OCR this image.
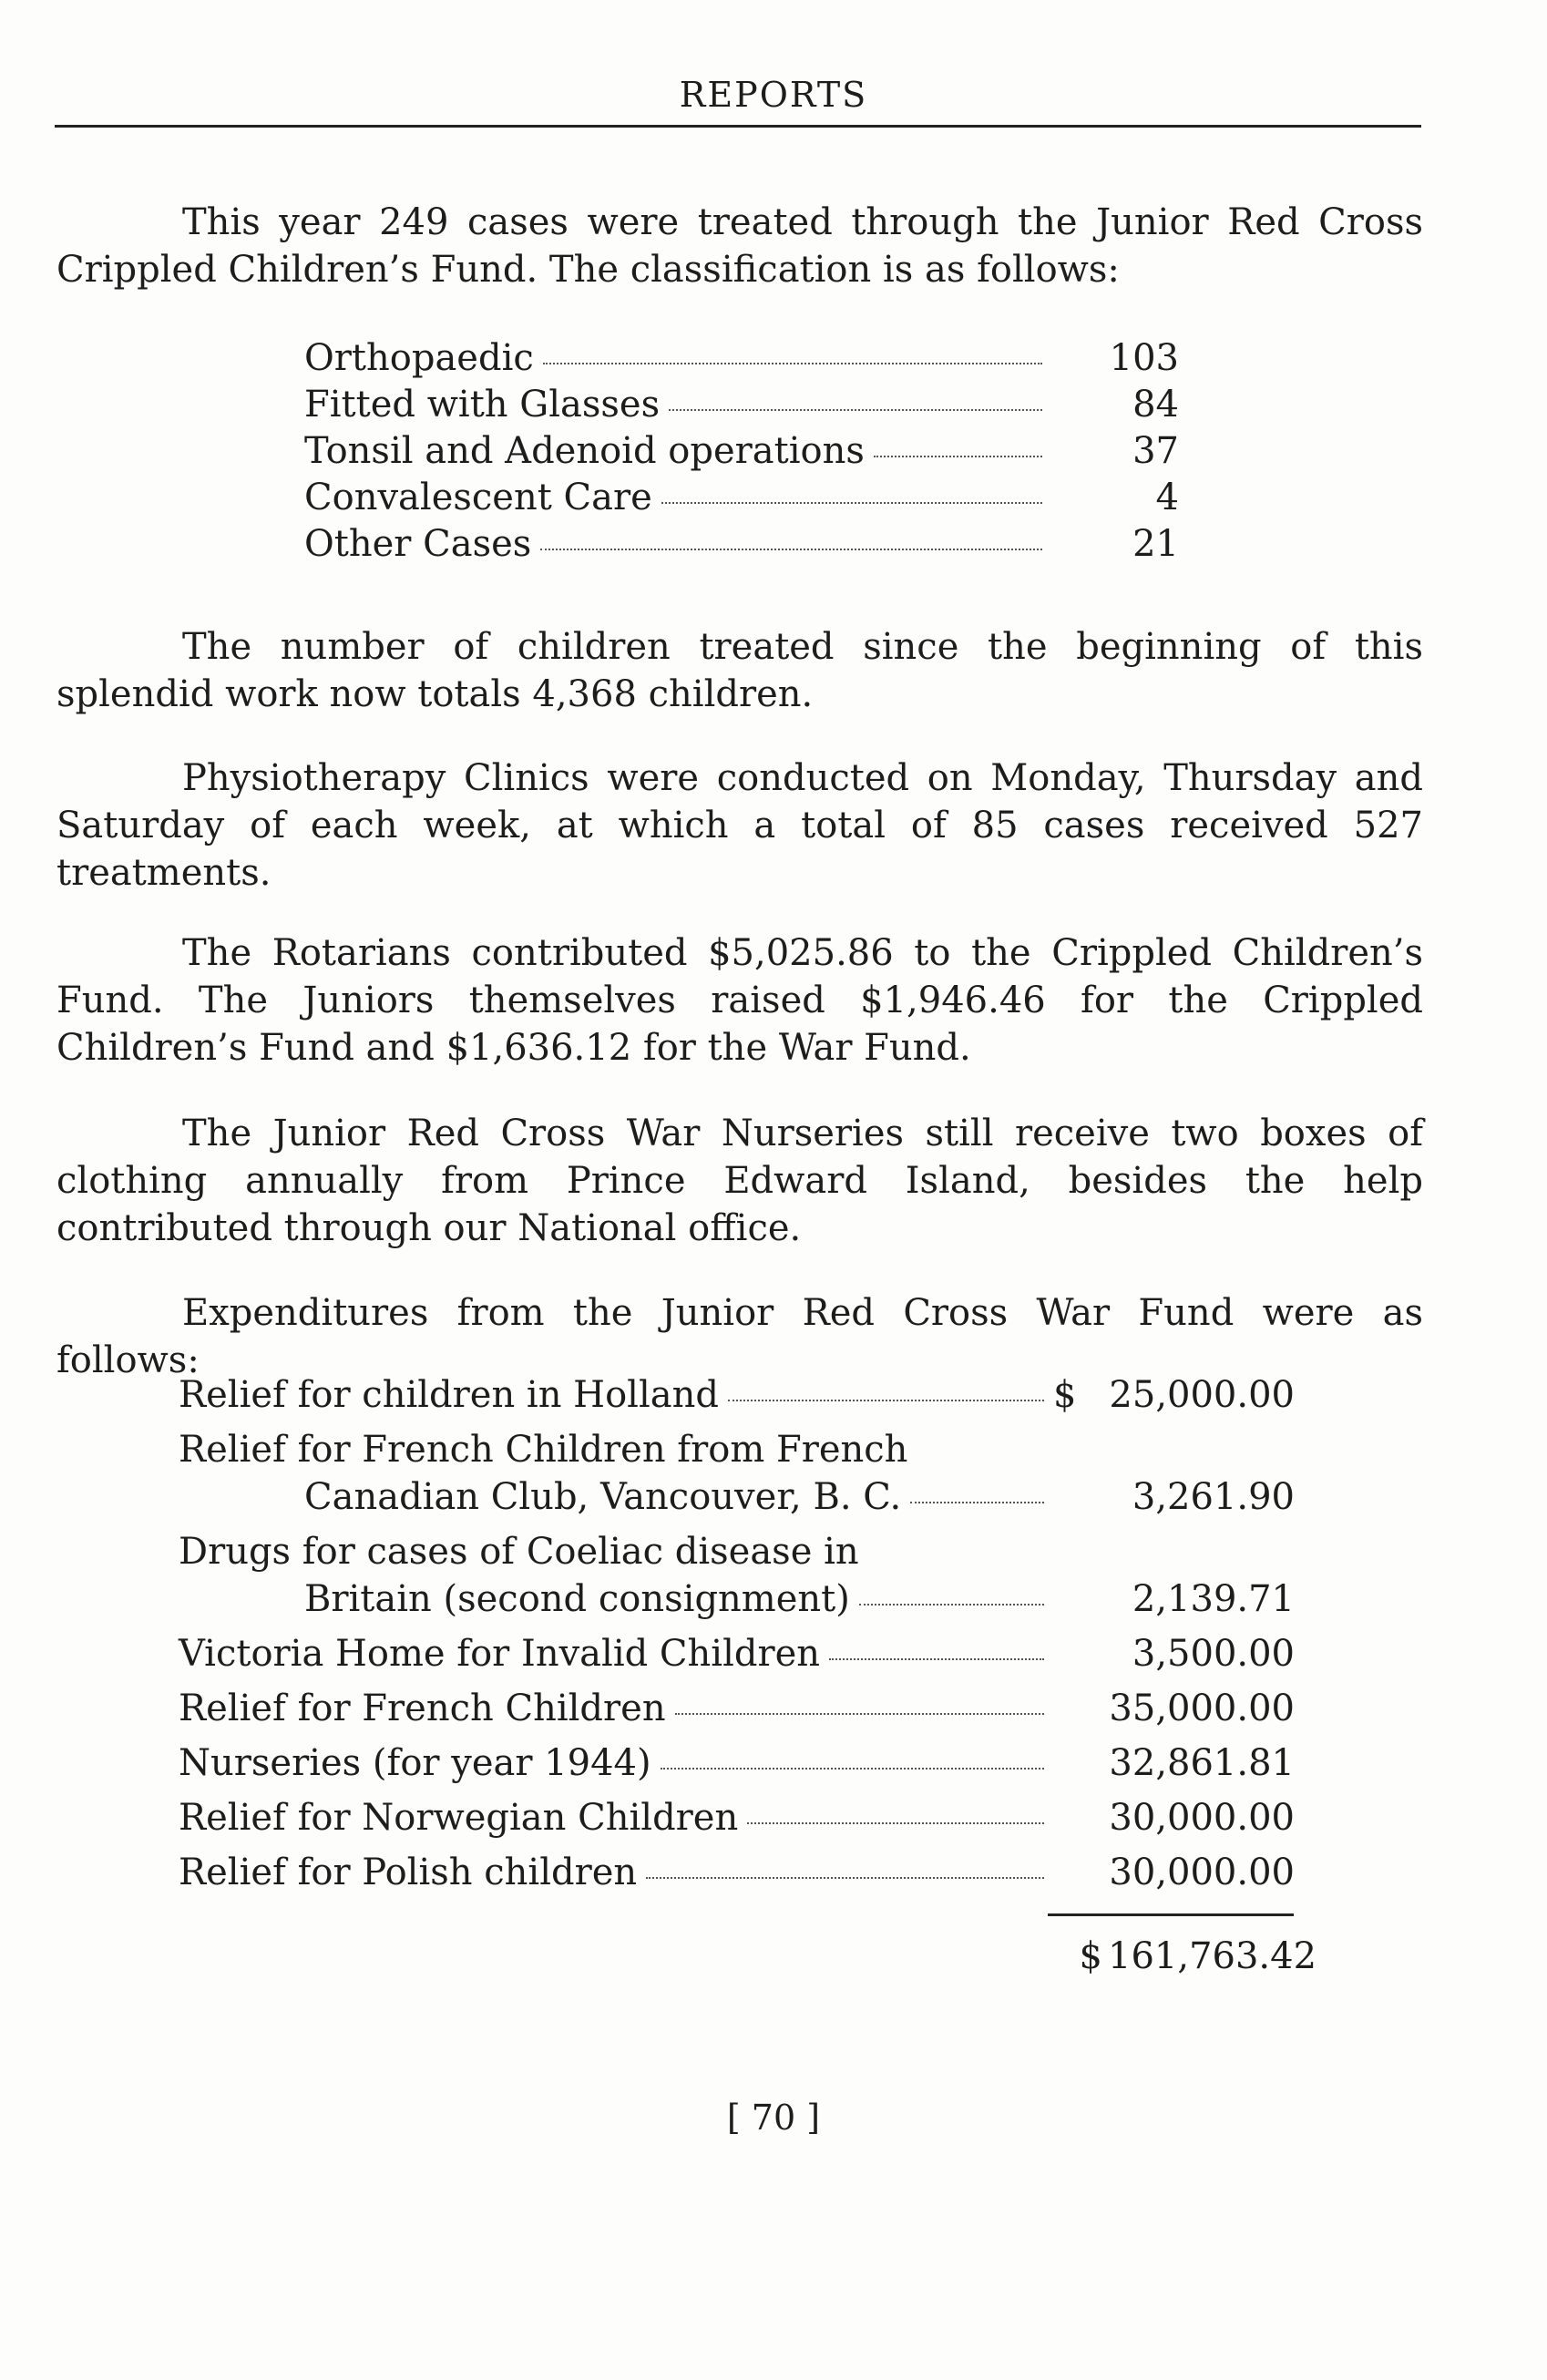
REPORTS

This year 249 cases were treated through the Junior Red Cross Crippled Children’s Fund. The classification is as follows:

Orthopaedic	103
Fitted with Glasses	84
Tonsil and Adenoid operations	37
Convalescent Care	4
Other Cases	21

The number of children treated since the beginning of this splendid work now totals 4,368 children.

Physiotherapy Clinics were conducted on Monday, Thursday and Saturday of each week, at which a total of 85 cases received 527 treatments.

The Rotarians contributed $5,025.86 to the Crippled Children’s Fund. The Juniors themselves raised $1,946.46 for the Crippled Children’s Fund and $1,636.12 for the War Fund.

The Junior Red Cross War Nurseries still receive two boxes of clothing annually from Prince Edward Island, besides the help contributed through our National office.

Expenditures from the Junior Red Cross War Fund were as follows:

Relief for children in Holland	$ 25,000.00
Relief for French Children from French
Canadian Club, Vancouver, B. C.	3,261.90
Drugs for cases of Coeliac disease in
Britain (second consignment)	2,139.71
Victoria Home for Invalid Children	3,500.00
Relief for French Children	35,000.00
Nurseries (for year 1944)	32,861.81
Relief for Norwegian Children	30,000.00
Relief for Polish children	30,000.00
$ 161,763.42
[ 70 ]
